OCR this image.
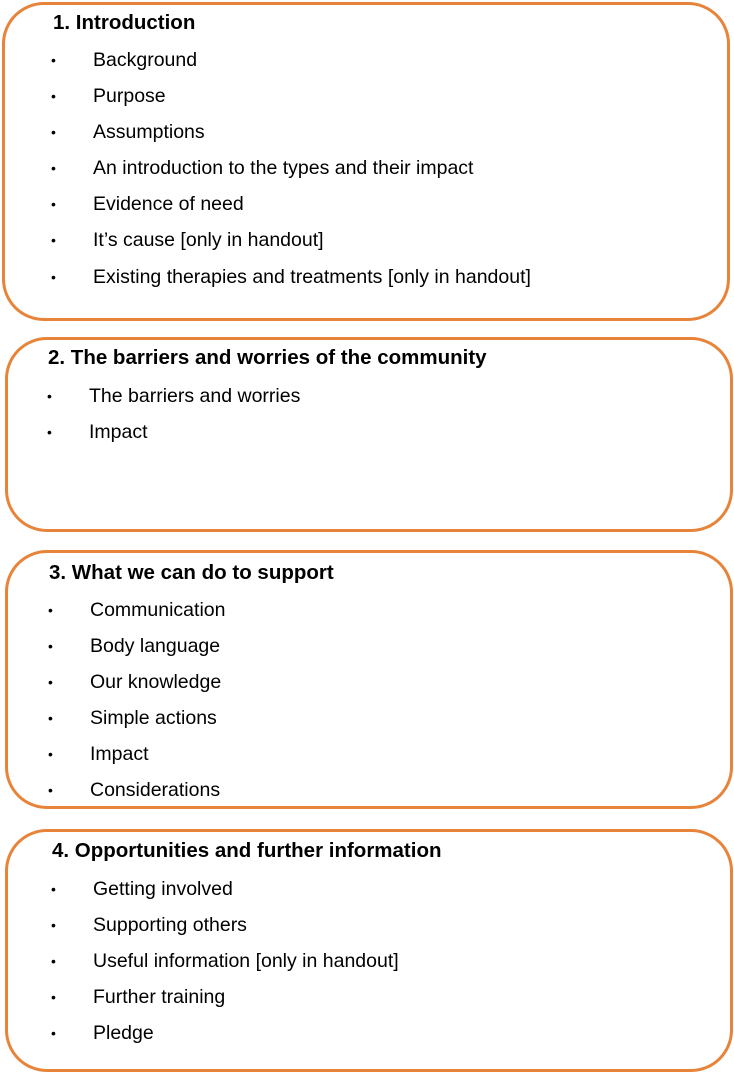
1. Introduction
• Background
• Purpose
• Assumptions
• An introduction to the types and their impact
• Evidence of need
• It’s cause [only in handout]
• Existing therapies and treatments [only in handout]
2. The barriers and worries of the community
• The barriers and worries
• Impact
3. What we can do to support
• Communication
• Body language
• Our knowledge
• Simple actions
• Impact
• Considerations
4. Opportunities and further information
• Getting involved
• Supporting others
• Useful information [only in handout]
• Further training
• Pledge
